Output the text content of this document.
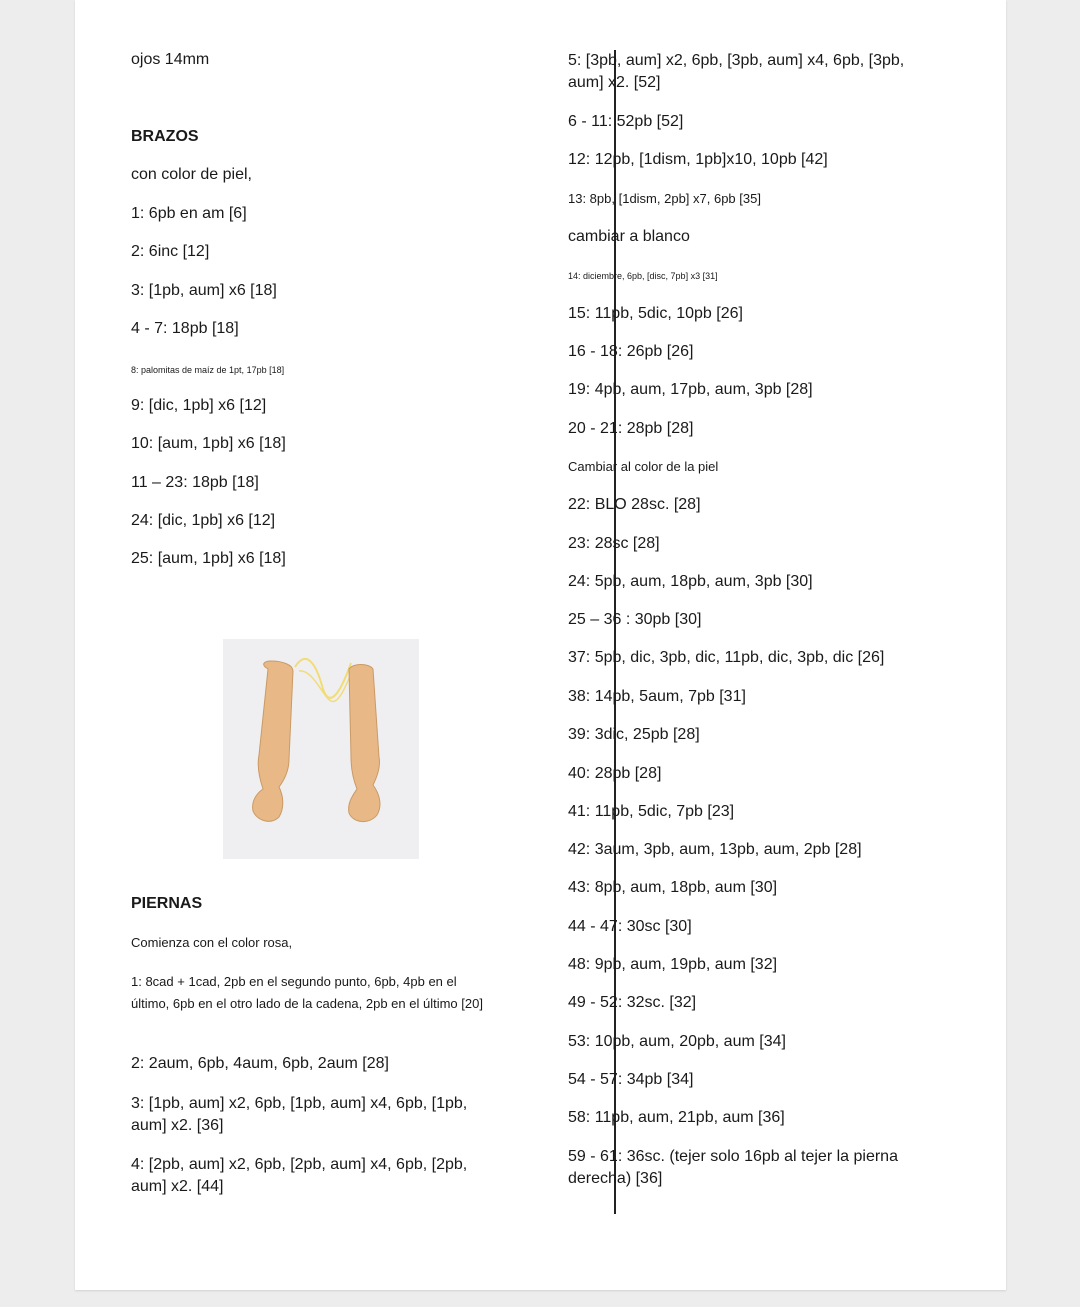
ojos 14mm
BRAZOS
con color de piel,
1: 6pb en am [6]
2: 6inc [12]
3: [1pb, aum] x6 [18]
4 - 7: 18pb [18]
8: palomitas de maíz de 1pt, 17pb [18]
9: [dic, 1pb] x6 [12]
10: [aum, 1pb] x6 [18]
11 – 23: 18pb [18]
24: [dic, 1pb] x6 [12]
25: [aum, 1pb] x6 [18]
PIERNAS
Comienza con el color rosa,
1: 8cad + 1cad, 2pb en el segundo punto, 6pb, 4pb en el último, 6pb en el otro lado de la cadena, 2pb en el último [20]
2: 2aum, 6pb, 4aum, 6pb, 2aum [28]
3: [1pb, aum] x2, 6pb, [1pb, aum] x4, 6pb, [1pb, aum] x2. [36]
4: [2pb, aum] x2, 6pb, [2pb, aum] x4, 6pb, [2pb, aum] x2. [44]
5: [3pb, aum] x2, 6pb, [3pb, aum] x4, 6pb, [3pb, aum] x2. [52]
6 - 11: 52pb [52]
12: 12pb, [1dism, 1pb]x10, 10pb [42]
13: 8pb, [1dism, 2pb] x7, 6pb [35]
cambiar a blanco
14: diciembre, 6pb, [disc, 7pb] x3 [31]
15: 11pb, 5dic, 10pb [26]
16 - 18: 26pb [26]
19: 4pb, aum, 17pb, aum, 3pb [28]
20 - 21: 28pb [28]
Cambiar al color de la piel
22: BLO 28sc. [28]
23: 28sc [28]
24: 5pb, aum, 18pb, aum, 3pb [30]
25 – 36 : 30pb [30]
37: 5pb, dic, 3pb, dic, 11pb, dic, 3pb, dic [26]
38: 14pb, 5aum, 7pb [31]
39: 3dic, 25pb [28]
40: 28pb [28]
41: 11pb, 5dic, 7pb [23]
42: 3aum, 3pb, aum, 13pb, aum, 2pb [28]
43: 8pb, aum, 18pb, aum [30]
44 - 47: 30sc [30]
48: 9pb, aum, 19pb, aum [32]
49 - 52: 32sc. [32]
53: 10pb, aum, 20pb, aum [34]
54 - 57: 34pb [34]
58: 11pb, aum, 21pb, aum [36]
59 - 61: 36sc. (tejer solo 16pb al tejer la pierna derecha) [36]
